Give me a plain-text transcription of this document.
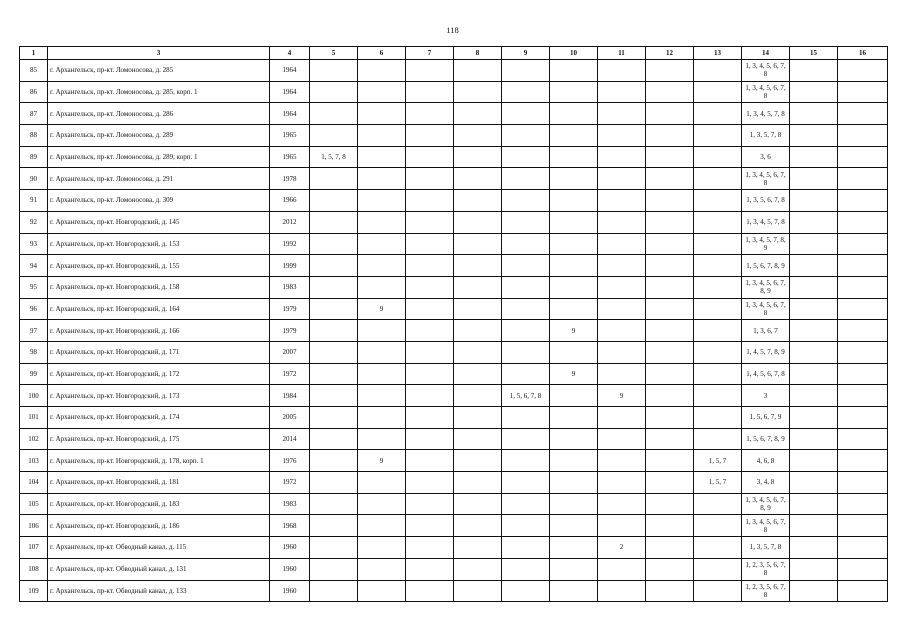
118
1	3	4	5	6	7	8	9	10	11	12	13	14	15	16
85	г. Архангельск, пр-кт. Ломоносова, д. 285	1964										1, 3, 4, 5, 6, 7, 8		
86	г. Архангельск, пр-кт. Ломоносова, д. 285, корп. 1	1964										1, 3, 4, 5, 6, 7, 8		
87	г. Архангельск, пр-кт. Ломоносова, д. 286	1964										1, 3, 4, 5, 7, 8		
88	г. Архангельск, пр-кт. Ломоносова, д. 289	1965										1, 3, 5, 7, 8		
89	г. Архангельск, пр-кт. Ломоносова, д. 289, корп. 1	1965	1, 5, 7, 8									3, 6		
90	г. Архангельск, пр-кт. Ломоносова, д. 291	1978										1, 3, 4, 5, 6, 7, 8		
91	г. Архангельск, пр-кт. Ломоносова, д. 309	1966										1, 3, 5, 6, 7, 8		
92	г. Архангельск, пр-кт. Новгородский, д. 145	2012										1, 3, 4, 5, 7, 8		
93	г. Архангельск, пр-кт. Новгородский, д. 153	1992										1, 3, 4, 5, 7, 8, 9		
94	г. Архангельск, пр-кт. Новгородский, д. 155	1999										1, 5, 6, 7, 8, 9		
95	г. Архангельск, пр-кт. Новгородский, д. 158	1983										1, 3, 4, 5, 6, 7, 8, 9		
96	г. Архангельск, пр-кт. Новгородский, д. 164	1979		9								1, 3, 4, 5, 6, 7, 8		
97	г. Архангельск, пр-кт. Новгородский, д. 166	1979						9				1, 3, 6, 7		
98	г. Архангельск, пр-кт. Новгородский, д. 171	2007										1, 4, 5, 7, 8, 9		
99	г. Архангельск, пр-кт. Новгородский, д. 172	1972						9				1, 4, 5, 6, 7, 8		
100	г. Архангельск, пр-кт. Новгородский, д. 173	1984					1, 5, 6, 7, 8		9			3		
101	г. Архангельск, пр-кт. Новгородский, д. 174	2005										1, 5, 6, 7, 9		
102	г. Архангельск, пр-кт. Новгородский, д. 175	2014										1, 5, 6, 7, 8, 9		
103	г. Архангельск, пр-кт. Новгородский, д. 178, корп. 1	1976		9							1, 5, 7	4, 6, 8		
104	г. Архангельск, пр-кт. Новгородский, д. 181	1972									1, 5, 7	3, 4, 8		
105	г. Архангельск, пр-кт. Новгородский, д. 183	1983										1, 3, 4, 5, 6, 7, 8, 9		
106	г. Архангельск, пр-кт. Новгородский, д. 186	1968										1, 3, 4, 5, 6, 7, 8		
107	г. Архангельск, пр-кт. Обводный канал, д. 115	1960							2			1, 3, 5, 7, 8		
108	г. Архангельск, пр-кт. Обводный канал, д. 131	1960										1, 2, 3, 5, 6, 7, 8		
109	г. Архангельск, пр-кт. Обводный канал, д. 133	1960										1, 2, 3, 5, 6, 7, 8		
